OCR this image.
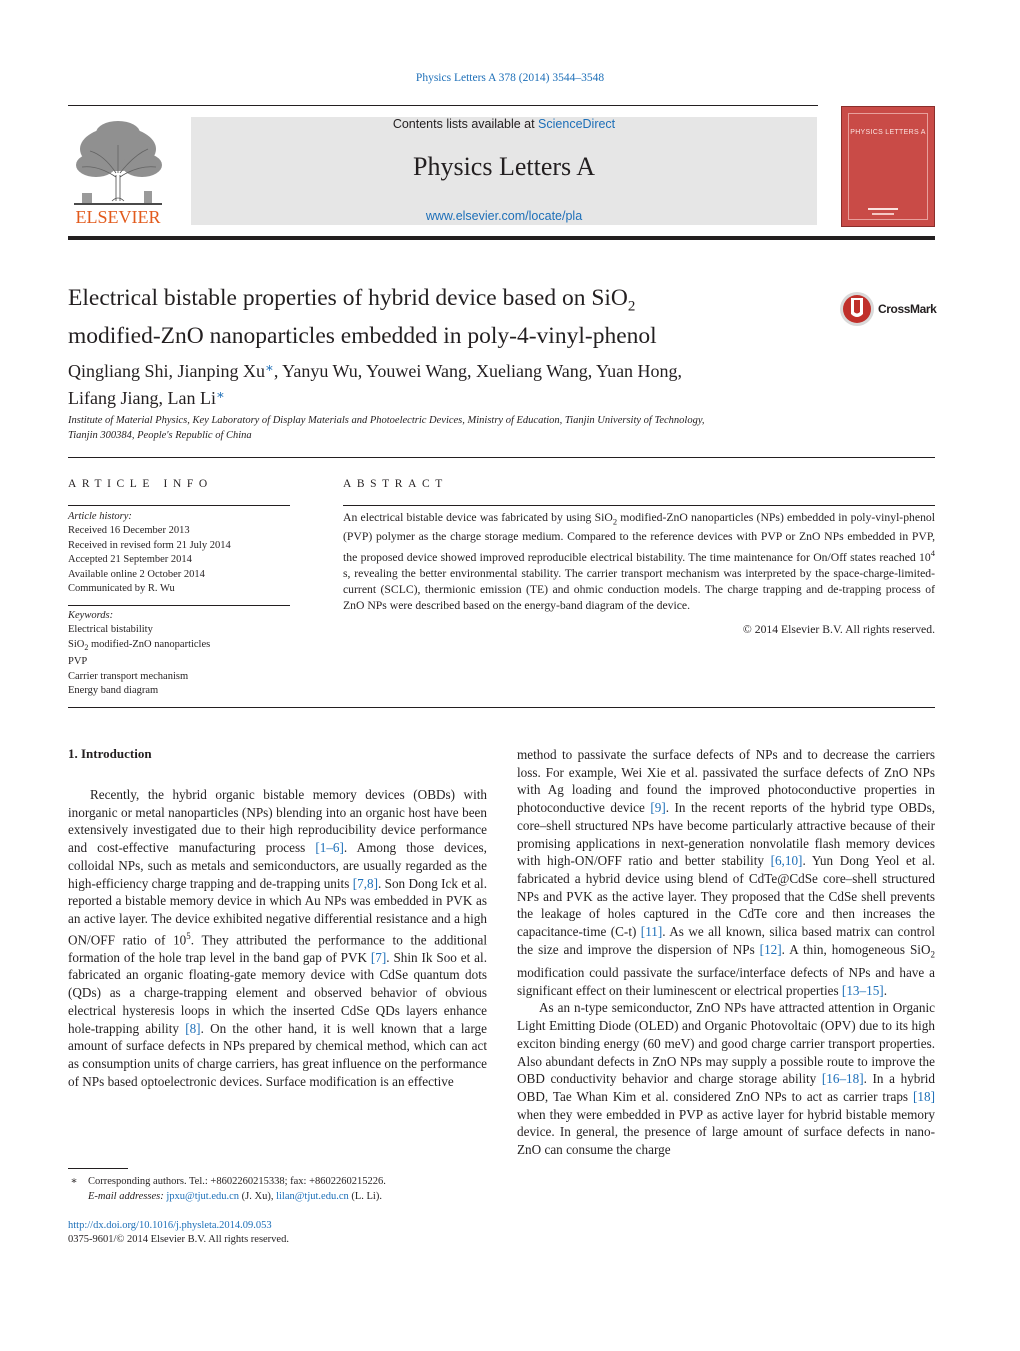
Physics Letters A 378 (2014) 3544–3548
ELSEVIER
Contents lists available at ScienceDirect
Physics Letters A
www.elsevier.com/locate/pla
PHYSICS LETTERS A
Electrical bistable properties of hybrid device based on SiO$_2$
modified-ZnO nanoparticles embedded in poly-4-vinyl-phenol
CrossMark
Qingliang Shi, Jianping Xu∗, Yanyu Wu, Youwei Wang, Xueliang Wang, Yuan Hong,
Lifang Jiang, Lan Li∗
Institute of Material Physics, Key Laboratory of Display Materials and Photoelectric Devices, Ministry of Education, Tianjin University of Technology,
Tianjin 300384, People's Republic of China
ARTICLE INFO	ABSTRACT
Article history:
Received 16 December 2013
Received in revised form 21 July 2014
Accepted 21 September 2014
Available online 2 October 2014
Communicated by R. Wu
Keywords:
Electrical bistability
SiO$_2$ modified-ZnO nanoparticles
PVP
Carrier transport mechanism
Energy band diagram
An electrical bistable device was fabricated by using SiO$_2$ modified-ZnO nanoparticles (NPs) embedded in poly-vinyl-phenol (PVP) polymer as the charge storage medium. Compared to the reference devices with PVP or ZnO NPs embedded in PVP, the proposed device showed improved reproducible electrical bistability. The time maintenance for On/Off states reached $10^4$ s, revealing the better environmental stability. The carrier transport mechanism was interpreted by the space-charge-limited-current (SCLC), thermionic emission (TE) and ohmic conduction models. The charge trapping and de-trapping process of ZnO NPs were described based on the energy-band diagram of the device.
© 2014 Elsevier B.V. All rights reserved.
1. Introduction

Recently, the hybrid organic bistable memory devices (OBDs) with inorganic or metal nanoparticles (NPs) blending into an organic host have been extensively investigated due to their high reproducibility device performance and cost-effective manufacturing process [1–6]. Among those devices, colloidal NPs, such as metals and semiconductors, are usually regarded as the high-efficiency charge trapping and de-trapping units [7,8]. Son Dong Ick et al. reported a bistable memory device in which Au NPs was embedded in PVK as an active layer. The device exhibited negative differential resistance and a high ON/OFF ratio of $10^5$. They attributed the performance to the additional formation of the hole trap level in the band gap of PVK [7]. Shin Ik Soo et al. fabricated an organic floating-gate memory device with CdSe quantum dots (QDs) as a charge-trapping element and observed behavior of obvious electrical hysteresis loops in which the inserted CdSe QDs layers enhance hole-trapping ability [8]. On the other hand, it is well known that a large amount of surface defects in NPs prepared by chemical method, which can act as consumption units of charge carriers, has great influence on the performance of NPs based optoelectronic devices. Surface modification is an effective

method to passivate the surface defects of NPs and to decrease the carriers loss. For example, Wei Xie et al. passivated the surface defects of ZnO NPs with Ag loading and found the improved photoconductive properties in photoconductive device [9]. In the recent reports of the hybrid type OBDs, core–shell structured NPs have become particularly attractive because of their promising applications in next-generation nonvolatile flash memory devices with high-ON/OFF ratio and better stability [6,10]. Yun Dong Yeol et al. fabricated a hybrid device using blend of CdTe@CdSe core–shell structured NPs and PVK as the active layer. They proposed that the CdSe shell prevents the leakage of holes captured in the CdTe core and then increases the capacitance-time (C-t) [11]. As we all known, silica based matrix can control the size and improve the dispersion of NPs [12]. A thin, homogeneous SiO$_2$ modification could passivate the surface/interface defects of NPs and have a significant effect on their luminescent or electrical properties [13–15].

As an n-type semiconductor, ZnO NPs have attracted attention in Organic Light Emitting Diode (OLED) and Organic Photovoltaic (OPV) due to its high exciton binding energy (60 meV) and good charge carrier transport properties. Also abundant defects in ZnO NPs may supply a possible route to improve the OBD conductivity behavior and charge storage ability [16–18]. In a hybrid OBD, Tae Whan Kim et al. considered ZnO NPs to act as carrier traps [18] when they were embedded in PVP as active layer for hybrid bistable memory device. In general, the presence of large amount of surface defects in nano-ZnO can consume the charge

∗ Corresponding authors. Tel.: +8602260215338; fax: +8602260215226.
E-mail addresses: jpxu@tjut.edu.cn (J. Xu), lilan@tjut.edu.cn (L. Li).
http://dx.doi.org/10.1016/j.physleta.2014.09.053
0375-9601/© 2014 Elsevier B.V. All rights reserved.
